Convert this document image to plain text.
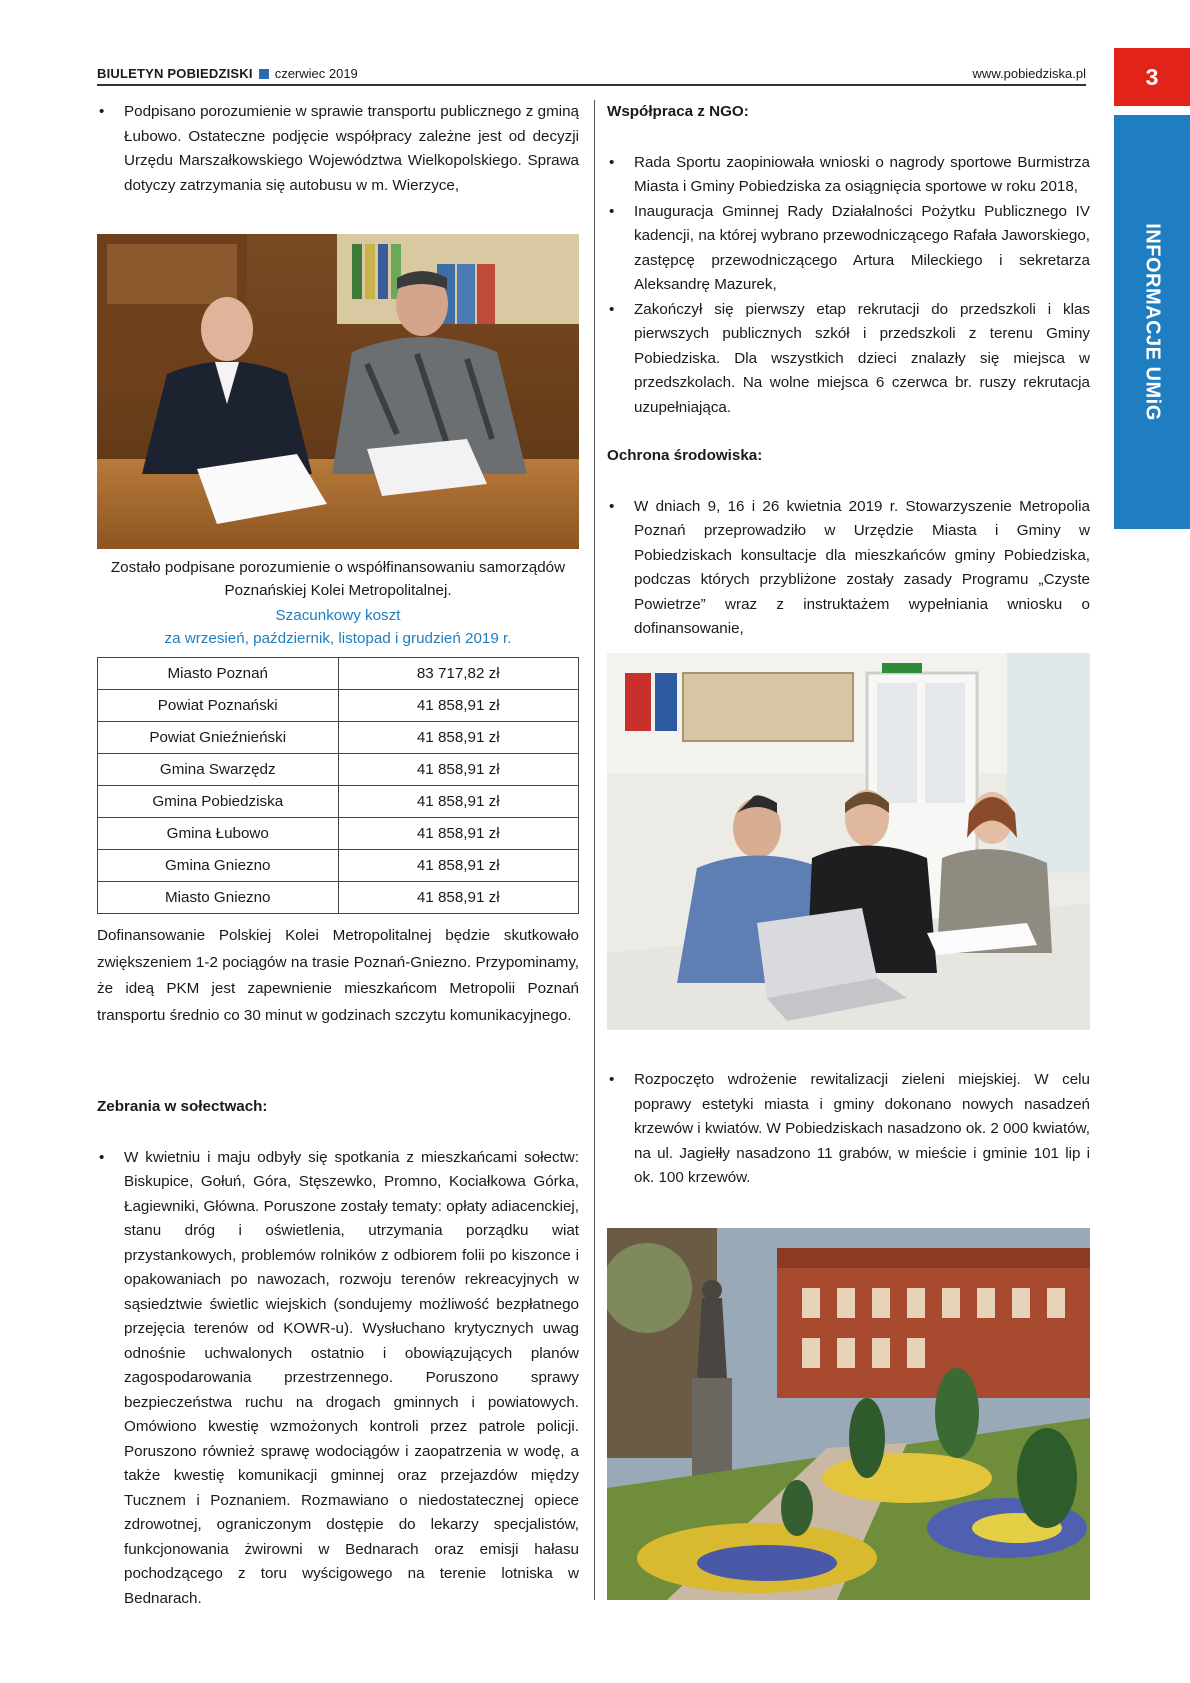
BIULETYN POBIEDZISKI czerwiec 2019	www.pobiedziska.pl	3
INFORMACJE UMiG
• Podpisano porozumienie w sprawie transportu publicznego z gminą Łubowo. Ostateczne podjęcie współpracy zależne jest od decyzji Urzędu Marszałkowskiego Województwa Wielkopolskiego. Sprawa dotyczy zatrzymania się autobusu w m. Wierzyce,
Zostało podpisane porozumienie o współfinansowaniu samorządów Poznańskiej Kolei Metropolitalnej.
Szacunkowy koszt
za wrzesień, październik, listopad i grudzień 2019 r.
Miasto Poznań	83 717,82 zł
Powiat Poznański	41 858,91 zł
Powiat Gnieźnieński	41 858,91 zł
Gmina Swarzędz	41 858,91 zł
Gmina Pobiedziska	41 858,91 zł
Gmina Łubowo	41 858,91 zł
Gmina Gniezno	41 858,91 zł
Miasto Gniezno	41 858,91 zł
Dofinansowanie Polskiej Kolei Metropolitalnej będzie skutkowało zwiększeniem 1-2 pociągów na trasie Poznań-Gniezno. Przypominamy, że ideą PKM jest zapewnienie mieszkańcom Metropolii Poznań transportu średnio co 30 minut w godzinach szczytu komunikacyjnego.
Zebrania w sołectwach:
• W kwietniu i maju odbyły się spotkania z mieszkańcami sołectw: Biskupice, Gołuń, Góra, Stęszewko, Promno, Kociałkowa Górka, Łagiewniki, Główna. Poruszone zostały tematy: opłaty adiacenckiej, stanu dróg i oświetlenia, utrzymania porządku wiat przystankowych, problemów rolników z odbiorem folii po kiszonce i opakowaniach po nawozach, rozwoju terenów rekreacyjnych w sąsiedztwie świetlic wiejskich (sondujemy możliwość bezpłatnego przejęcia terenów od KOWR-u). Wysłuchano krytycznych uwag odnośnie uchwalonych ostatnio i obowiązujących planów zagospodarowania przestrzennego. Poruszono sprawy bezpieczeństwa ruchu na drogach gminnych i powiatowych. Omówiono kwestię wzmożonych kontroli przez patrole policji. Poruszono również sprawę wodociągów i zaopatrzenia w wodę, a także kwestię komunikacji gminnej oraz przejazdów między Tucznem i Poznaniem. Rozmawiano o niedostatecznej opiece zdrowotnej, ograniczonym dostępie do lekarzy specjalistów, funkcjonowania żwirowni w Bednarach oraz emisji hałasu pochodzącego z toru wyścigowego na terenie lotniska w Bednarach.
Współpraca z NGO:
• Rada Sportu zaopiniowała wnioski o nagrody sportowe Burmistrza Miasta i Gminy Pobiedziska za osiągnięcia sportowe w roku 2018,
• Inauguracja Gminnej Rady Działalności Pożytku Publicznego IV kadencji, na której wybrano przewodniczącego Rafała Jaworskiego, zastępcę przewodniczącego Artura Mileckiego i sekretarza Aleksandrę Mazurek,
• Zakończył się pierwszy etap rekrutacji do przedszkoli i klas pierwszych publicznych szkół i przedszkoli z terenu Gminy Pobiedziska. Dla wszystkich dzieci znalazły się miejsca w przedszkolach. Na wolne miejsca 6 czerwca br. ruszy rekrutacja uzupełniająca.
Ochrona środowiska:
• W dniach 9, 16 i 26 kwietnia 2019 r. Stowarzyszenie Metropolia Poznań przeprowadziło w Urzędzie Miasta i Gminy w Pobiedziskach konsultacje dla mieszkańców gminy Pobiedziska, podczas których przybliżone zostały zasady Programu „Czyste Powietrze” wraz z instruktażem wypełniania wniosku o dofinansowanie,
• Rozpoczęto wdrożenie rewitalizacji zieleni miejskiej. W celu poprawy estetyki miasta i gminy dokonano nowych nasadzeń krzewów i kwiatów. W Pobiedziskach nasadzono ok. 2 000 kwiatów, na ul. Jagiełły nasadzono 11 grabów, w mieście i gminie 101 lip i ok. 100 krzewów.
